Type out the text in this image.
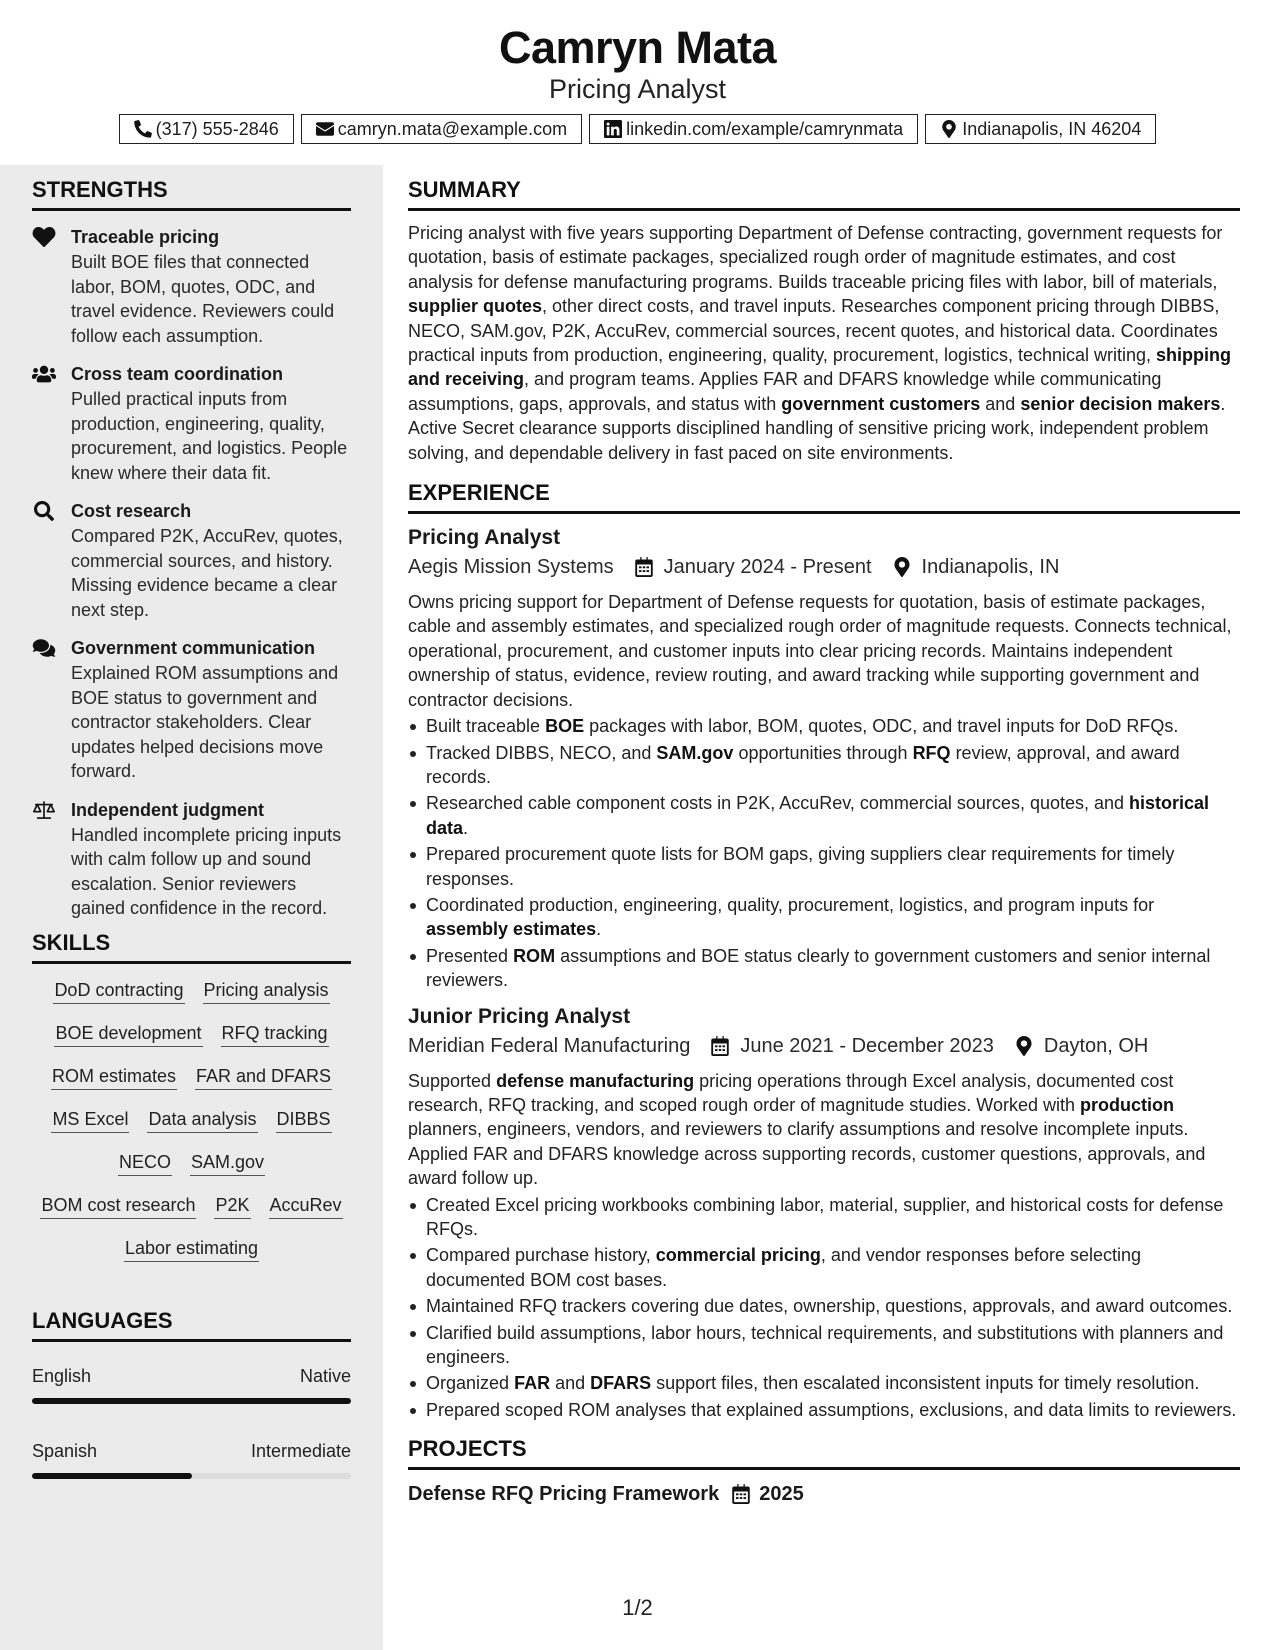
Camryn Mata
Pricing Analyst
(317) 555-2846	camryn.mata@example.com	linkedin.com/example/camrynmata	Indianapolis, IN 46204
STRENGTHS
Traceable pricing
Built BOE files that connected labor, BOM, quotes, ODC, and travel evidence. Reviewers could follow each assumption.
Cross team coordination
Pulled practical inputs from production, engineering, quality, procurement, and logistics. People knew where their data fit.
Cost research
Compared P2K, AccuRev, quotes, commercial sources, and history. Missing evidence became a clear next step.
Government communication
Explained ROM assumptions and BOE status to government and contractor stakeholders. Clear updates helped decisions move forward.
Independent judgment
Handled incomplete pricing inputs with calm follow up and sound escalation. Senior reviewers gained confidence in the record.
SKILLS
DoD contracting Pricing analysis
BOE development RFQ tracking
ROM estimates FAR and DFARS
MS Excel Data analysis DIBBS
NECO SAM.gov
BOM cost research P2K AccuRev
Labor estimating
LANGUAGES
English	Native
Spanish	Intermediate
SUMMARY
Pricing analyst with five years supporting Department of Defense contracting, government requests for quotation, basis of estimate packages, specialized rough order of magnitude estimates, and cost analysis for defense manufacturing programs. Builds traceable pricing files with labor, bill of materials, supplier quotes, other direct costs, and travel inputs. Researches component pricing through DIBBS, NECO, SAM.gov, P2K, AccuRev, commercial sources, recent quotes, and historical data. Coordinates practical inputs from production, engineering, quality, procurement, logistics, technical writing, shipping and receiving, and program teams. Applies FAR and DFARS knowledge while communicating assumptions, gaps, approvals, and status with government customers and senior decision makers. Active Secret clearance supports disciplined handling of sensitive pricing work, independent problem solving, and dependable delivery in fast paced on site environments.
EXPERIENCE
Pricing Analyst
Aegis Mission Systems	January 2024 - Present	Indianapolis, IN
Owns pricing support for Department of Defense requests for quotation, basis of estimate packages, cable and assembly estimates, and specialized rough order of magnitude requests. Connects technical, operational, procurement, and customer inputs into clear pricing records. Maintains independent ownership of status, evidence, review routing, and award tracking while supporting government and contractor decisions.
Built traceable BOE packages with labor, BOM, quotes, ODC, and travel inputs for DoD RFQs.
Tracked DIBBS, NECO, and SAM.gov opportunities through RFQ review, approval, and award records.
Researched cable component costs in P2K, AccuRev, commercial sources, quotes, and historical data.
Prepared procurement quote lists for BOM gaps, giving suppliers clear requirements for timely responses.
Coordinated production, engineering, quality, procurement, logistics, and program inputs for assembly estimates.
Presented ROM assumptions and BOE status clearly to government customers and senior internal reviewers.
Junior Pricing Analyst
Meridian Federal Manufacturing	June 2021 - December 2023	Dayton, OH
Supported defense manufacturing pricing operations through Excel analysis, documented cost research, RFQ tracking, and scoped rough order of magnitude studies. Worked with production planners, engineers, vendors, and reviewers to clarify assumptions and resolve incomplete inputs. Applied FAR and DFARS knowledge across supporting records, customer questions, approvals, and award follow up.
Created Excel pricing workbooks combining labor, material, supplier, and historical costs for defense RFQs.
Compared purchase history, commercial pricing, and vendor responses before selecting documented BOM cost bases.
Maintained RFQ trackers covering due dates, ownership, questions, approvals, and award outcomes.
Clarified build assumptions, labor hours, technical requirements, and substitutions with planners and engineers.
Organized FAR and DFARS support files, then escalated inconsistent inputs for timely resolution.
Prepared scoped ROM analyses that explained assumptions, exclusions, and data limits to reviewers.
PROJECTS
Defense RFQ Pricing Framework 2025
1/2
